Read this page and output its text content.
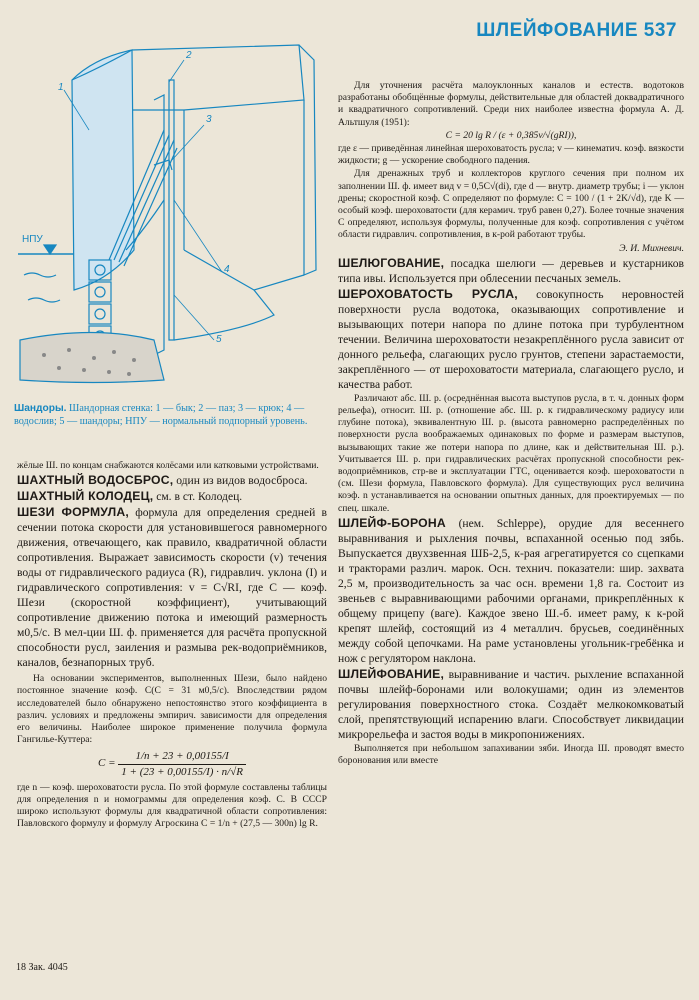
ШЛЕЙФОВАНИЕ 537
1
2
3
4
5
НПУ
Шандоры. Шандорная стенка: 1 — бык; 2 — паз; 3 — крюк; 4 — водослив; 5 — шандоры; НПУ — нормальный подпорный уровень.

жёлые Ш. по концам снабжаются колёсами или катковыми устройствами.

ШАХТНЫЙ ВОДОСБРОС, один из видов водосброса.

ШАХТНЫЙ КОЛОДЕЦ, см. в ст. Колодец.

ШЕЗИ ФОРМУЛА, формула для определения средней в сечении потока скорости для установившегося равномерного движения, отвечающего, как правило, квадратичной области сопротивления. Выражает зависимость скорости (v) течения воды от гидравлического радиуса (R), гидравлич. уклона (I) и гидравлического сопротивления: v = C√RI, где C — коэф. Шези (скоростной коэффициент), учитывающий сопротивление движению потока и имеющий размерность м0,5/с. В мел-ции Ш. ф. применяется для расчёта пропускной способности русл, заиления и размыва рек-водоприёмников, каналов, безнапорных труб.

На основании экспериментов, выполненных Шези, было найдено постоянное значение коэф. С(C = 31 м0,5/с). Впоследствии рядом исследователей было обнаружено непостоянство этого коэффициента в различ. условиях и предложены эмпирич. зависимости для определения его величины. Наиболее широкое применение получила формула Гангилье-Куттера:

$C = \frac{1/n + 23 + 0,00155/I}{1 + (23 + 0,00155/I) \cdot n/√R}$

где n — коэф. шероховатости русла. По этой формуле составлены таблицы для определения n и номограммы для определения коэф. C. В СССР широко используют формулы для квадратичной области сопротивления: Павловского формулу и формулу Агроскина C = 1/n + (27,5 — 300n) lg R.

Для уточнения расчёта малоуклонных каналов и естеств. водотоков разработаны обобщённые формулы, действительные для областей доквадратичного и квадратичного сопротивлений. Среди них наиболее известна формула А. Д. Альтшуля (1951):

C = 20 lg R / (ε + 0,385v/√(gRI)),

где ε — приведённая линейная шероховатость русла; v — кинематич. коэф. вязкости жидкости; g — ускорение свободного падения.

Для дренажных труб и коллекторов круглого сечения при полном их заполнении Ш. ф. имеет вид v = 0,5C√(di), где d — внутр. диаметр трубы; i — уклон дрены; скоростной коэф. C определяют по формуле: C = 100 / (1 + 2K/√d), где K — особый коэф. шероховатости (для керамич. труб равен 0,27). Более точные значения C определяют, используя формулы, полученные для коэф. сопротивления с учётом области гидравлич. сопротивления, в к-рой работают трубы.

Э. И. Михневич.

ШЕЛЮГОВАНИЕ, посадка шелюги — деревьев и кустарников типа ивы. Используется при облесении песчаных земель.

ШЕРОХОВАТОСТЬ РУСЛА, совокупность неровностей поверхности русла водотока, оказывающих сопротивление и вызывающих потери напора по длине потока при турбулентном течении. Величина шероховатости незакреплённого русла зависит от донного рельефа, слагающих русло грунтов, степени зарастаемости, закреплённого — от шероховатости материала, слагающего русло, и качества работ.

Различают абс. Ш. р. (осреднённая высота выступов русла, в т. ч. донных форм рельефа), относит. Ш. р. (отношение абс. Ш. р. к гидравлическому радиусу или глубине потока), эквивалентную Ш. р. (высота равномерно распределённых по поверхности русла воображаемых одинаковых по форме и размерам выступов, вызывающих такие же потери напора по длине, как и действительная Ш. р.). Учитывается Ш. р. при гидравлических расчётах пропускной способности рек-водоприёмников, стр-ве и эксплуатации ГТС, оценивается коэф. шероховатости n (см. Шези формула, Павловского формула). Для существующих русл величина коэф. n устанавливается на основании опытных данных, для проектируемых — по спец. шкале.

ШЛЕЙФ-БОРОНА (нем. Schleppe), орудие для весеннего выравнивания и рыхления почвы, вспаханной осенью под зябь. Выпускается двухзвенная ШБ-2,5, к-рая агрегатируется со сцепками и тракторами различ. марок. Осн. технич. показатели: шир. захвата 2,5 м, производительность за час осн. времени 1,8 га. Состоит из звеньев с выравнивающими рабочими органами, прикреплённых к общему прицепу (ваге). Каждое звено Ш.-б. имеет раму, к к-рой крепят шлейф, состоящий из 4 металлич. брусьев, соединённых между собой цепочками. На раме установлены угольник-гребёнка и нож с регулятором наклона.

ШЛЕЙФОВАНИЕ, выравнивание и частич. рыхление вспаханной почвы шлейф-боронами или волокушами; один из элементов регулирования поверхностного стока. Создаёт мелкокомковатый слой, препятствующий испарению влаги. Способствует ликвидации микрорельефа и застоя воды в микропонижениях.

Выполняется при небольшом запахивании зяби. Иногда Ш. проводят вместо боронования или вместе

18 Зак. 4045
